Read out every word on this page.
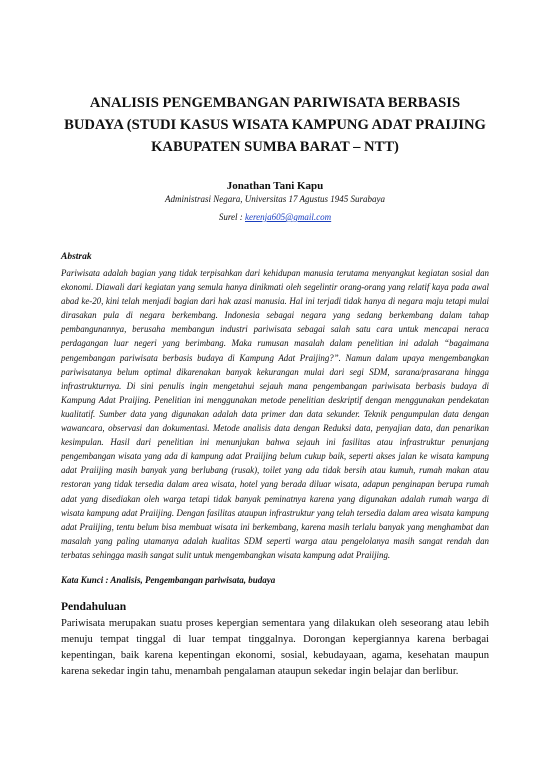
ANALISIS PENGEMBANGAN PARIWISATA BERBASIS BUDAYA (STUDI KASUS WISATA KAMPUNG ADAT PRAIJING KABUPATEN SUMBA BARAT – NTT)
Jonathan Tani Kapu
Administrasi Negara, Universitas 17 Agustus 1945 Surabaya
Surel : kerenja605@gmail.com
Abstrak

Pariwisata adalah bagian yang tidak terpisahkan dari kehidupan manusia terutama menyangkut kegiatan sosial dan ekonomi. Diawali dari kegiatan yang semula hanya dinikmati oleh segelintir orang-orang yang relatif kaya pada awal abad ke-20, kini telah menjadi bagian dari hak azasi manusia. Hal ini terjadi tidak hanya di negara maju tetapi mulai dirasakan pula di negara berkembang. Indonesia sebagai negara yang sedang berkembang dalam tahap pembangunannya, berusaha membangun industri pariwisata sebagai salah satu cara untuk mencapai neraca perdagangan luar negeri yang berimbang. Maka rumusan masalah dalam penelitian ini adalah “bagaimana pengembangan pariwisata berbasis budaya di Kampung Adat Praijing?”. Namun dalam upaya mengembangkan pariwisatanya belum optimal dikarenakan banyak kekurangan mulai dari segi SDM, sarana/prasarana hingga infrastrukturnya. Di sini penulis ingin mengetahui sejauh mana pengembangan pariwisata berbasis budaya di Kampung Adat Praijing. Penelitian ini menggunakan metode penelitian deskriptif dengan menggunakan pendekatan kualitatif. Sumber data yang digunakan adalah data primer dan data sekunder. Teknik pengumpulan data dengan wawancara, observasi dan dokumentasi. Metode analisis data dengan Reduksi data, penyajian data, dan penarikan kesimpulan. Hasil dari penelitian ini menunjukan bahwa sejauh ini fasilitas atau infrastruktur penunjang pengembangan wisata yang ada di kampung adat Praiijing belum cukup baik, seperti akses jalan ke wisata kampung adat Praiijing masih banyak yang berlubang (rusak), toilet yang ada tidak bersih atau kumuh, rumah makan atau restoran yang tidak tersedia dalam area wisata, hotel yang berada diluar wisata, adapun penginapan berupa rumah adat yang disediakan oleh warga tetapi tidak banyak peminatnya karena yang digunakan adalah rumah warga di wisata kampung adat Praiijing. Dengan fasilitas ataupun infrastruktur yang telah tersedia dalam area wisata kampung adat Praiijing, tentu belum bisa membuat wisata ini berkembang, karena masih terlalu banyak yang menghambat dan masalah yang paling utamanya adalah kualitas SDM seperti warga atau pengelolanya masih sangat rendah dan terbatas sehingga masih sangat sulit untuk mengembangkan wisata kampung adat Praiijing.

Kata Kunci : Analisis, Pengembangan pariwisata, budaya
Pendahuluan

Pariwisata merupakan suatu proses kepergian sementara yang dilakukan oleh seseorang atau lebih menuju tempat tinggal di luar tempat tinggalnya. Dorongan kepergiannya karena berbagai kepentingan, baik karena kepentingan ekonomi, sosial, kebudayaan, agama, kesehatan maupun karena sekedar ingin tahu, menambah pengalaman ataupun sekedar ingin belajar dan berlibur.
